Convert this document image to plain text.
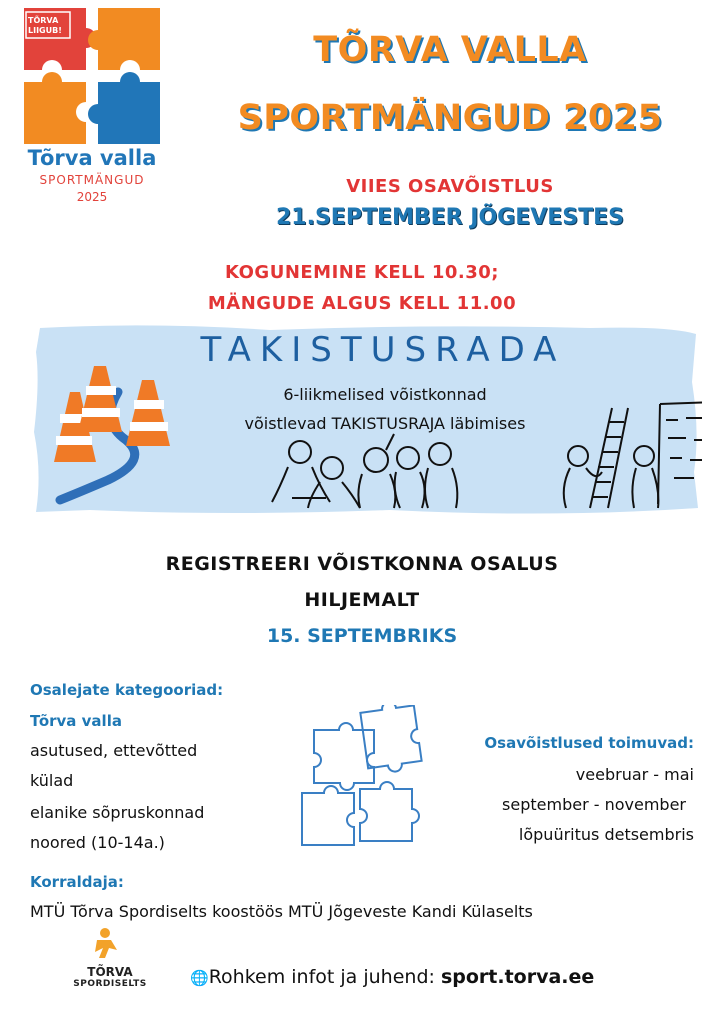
TÕRVA
LIIGUB!
Tõrva valla
SPORTMÄNGUD
2025
TÕRVA VALLA
SPORTMÄNGUD 2025
VIIES OSAVÕISTLUS
21.SEPTEMBER JÕGEVESTES
KOGUNEMINE KELL 10.30;
MÄNGUDE ALGUS KELL 11.00
TAKISTUSRADA
6-liikmelised võistkonnad
võistlevad TAKISTUSRAJA läbimises
REGISTREERI VÕISTKONNA OSALUS
HILJEMALT
15. SEPTEMBRIKS
Osalejate kategooriad:
Tõrva valla
asutused, ettevõtted
külad
elanike sõpruskonnad
noored (10-14a.)
Osavõistlused toimuvad:
veebruar - mai
september - november
lõpuüritus detsembris
Korraldaja:
MTÜ Tõrva Spordiselts koostöös MTÜ Jõgeveste Kandi Külaselts
TÕRVA
SPORDISELTS	🌐Rohkem infot ja juhend: sport.torva.ee
